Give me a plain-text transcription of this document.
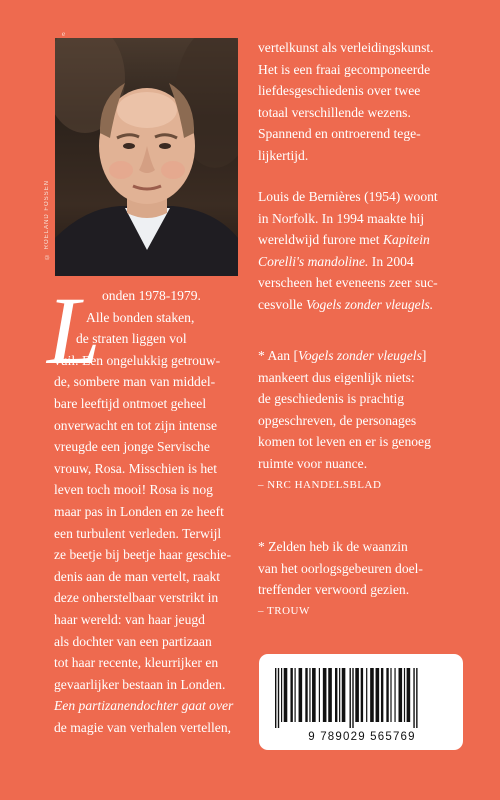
e
© ROELAND FOSSEN

vertelkunst als verleidingskunst.

Het is een fraai gecomponeerde

liefdesgeschiedenis over twee

totaal verschillende wezens.

Spannend en ontroerend tege-

lijkertijd.

Louis de Bernières (1954) woont

in Norfolk. In 1994 maakte hij

wereldwijd furore met Kapitein

Corelli's mandoline. In 2004

verscheen het eveneens zeer suc-

cesvolle Vogels zonder vleugels.

* Aan [Vogels zonder vleugels]

mankeert dus eigenlijk niets:

de geschiedenis is prachtig

opgeschreven, de personages

komen tot leven en er is genoeg

ruimte voor nuance.

– NRC HANDELSBLAD

* Zelden heb ik de waanzin

van het oorlogsgebeuren doel-

treffender verwoord gezien.

– TROUW

L onden 1978-1979.

Alle bonden staken,

de straten liggen vol

vuil. Een ongelukkig getrouw-

de, sombere man van middel-

bare leeftijd ontmoet geheel

onverwacht en tot zijn intense

vreugde een jonge Servische

vrouw, Rosa. Misschien is het

leven toch mooi! Rosa is nog

maar pas in Londen en ze heeft

een turbulent verleden. Terwijl

ze beetje bij beetje haar geschie-

denis aan de man vertelt, raakt

deze onherstelbaar verstrikt in

haar wereld: van haar jeugd

als dochter van een partizaan

tot haar recente, kleurrijker en

gevaarlijker bestaan in Londen.

Een partizanendochter gaat over

de magie van verhalen vertellen,

9 789029 565769
